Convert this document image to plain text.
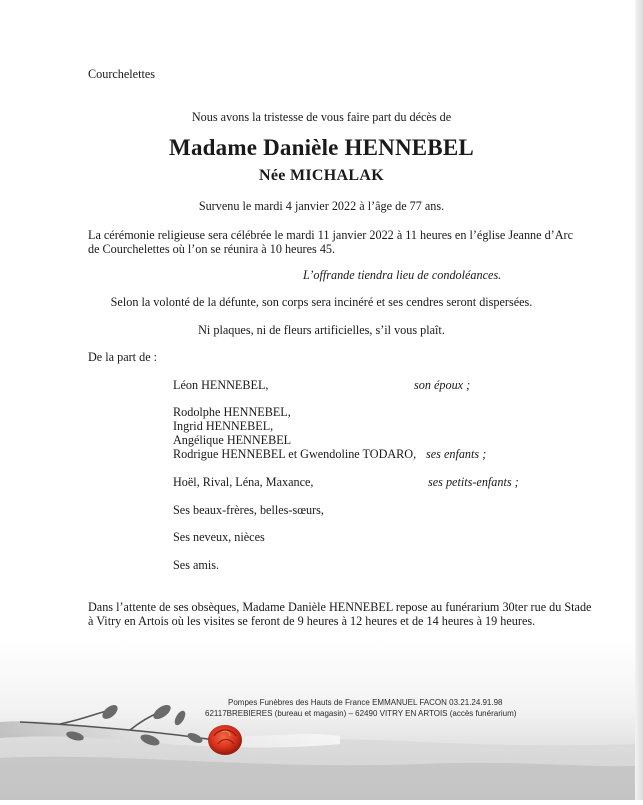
Courchelettes
Nous avons la tristesse de vous faire part du décès de
Madame Danièle HENNEBEL
Née MICHALAK
Survenu le mardi 4 janvier 2022 à l’âge de 77 ans.
La cérémonie religieuse sera célébrée le mardi 11 janvier 2022 à 11 heures en l’église Jeanne d’Arc
de Courchelettes où l’on se réunira à 10 heures 45.
L’offrande tiendra lieu de condoléances.
Selon la volonté de la défunte, son corps sera incinéré et ses cendres seront dispersées.
Ni plaques, ni de fleurs artificielles, s’il vous plaît.
De la part de :
Léon HENNEBEL,	son époux ;
Rodolphe HENNEBEL,
Ingrid HENNEBEL,
Angélique HENNEBEL
Rodrigue HENNEBEL et Gwendoline TODARO, ses enfants ;
Hoël, Rival, Léna, Maxance,	ses petits-enfants ;
Ses beaux-frères, belles-sœurs,
Ses neveux, nièces
Ses amis.
Dans l’attente de ses obsèques, Madame Danièle HENNEBEL repose au funérarium 30ter rue du Stade
à Vitry en Artois où les visites se feront de 9 heures à 12 heures et de 14 heures à 19 heures.
Pompes Funèbres des Hauts de France EMMANUEL FACON 03.21.24.91.98
62117BREBIERES (bureau et magasin) – 62490 VITRY EN ARTOIS (accès funérarium)
